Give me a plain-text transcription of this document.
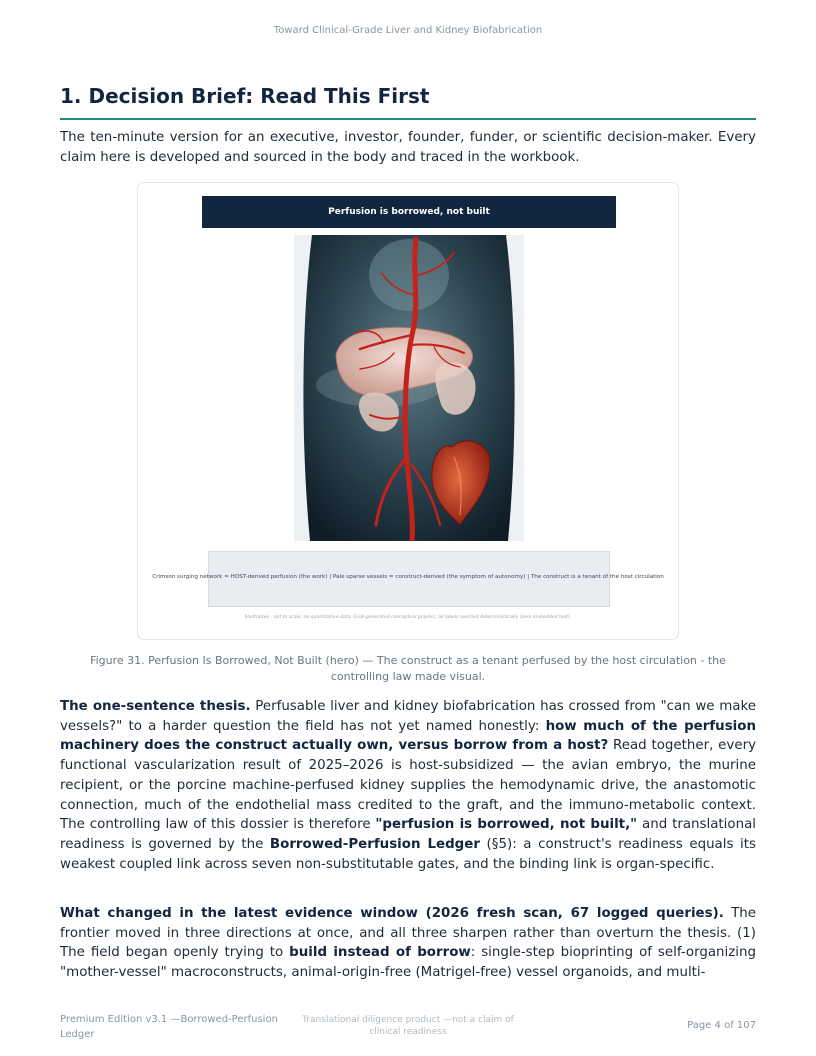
Toward Clinical-Grade Liver and Kidney Biofabrication
1. Decision Brief: Read This First

The ten-minute version for an executive, investor, founder, funder, or scientific decision-maker. Every claim here is developed and sourced in the body and traced in the workbook.

Perfusion is borrowed, not built
Crimson surging network = HOST-derived perfusion (the work) | Pale sparse vessels = construct-derived (the symptom of autonomy) | The construct is a tenant of the host circulation
Illustrative - not to scale; no quantitative data. Grok-generated conceptual graphic; all labels overlaid deterministically (zero embedded text).

Figure 31. Perfusion Is Borrowed, Not Built (hero) — The construct as a tenant perfused by the host circulation - the controlling law made visual.

The one-sentence thesis. Perfusable liver and kidney biofabrication has crossed from "can we make vessels?" to a harder question the field has not yet named honestly: how much of the perfusion machinery does the construct actually own, versus borrow from a host? Read together, every functional vascularization result of 2025–2026 is host-subsidized — the avian embryo, the murine recipient, or the porcine machine-perfused kidney supplies the hemodynamic drive, the anastomotic connection, much of the endothelial mass credited to the graft, and the immuno-metabolic context. The controlling law of this dossier is therefore "perfusion is borrowed, not built," and translational readiness is governed by the Borrowed-Perfusion Ledger (§5): a construct's readiness equals its weakest coupled link across seven non-substitutable gates, and the binding link is organ-specific.

What changed in the latest evidence window (2026 fresh scan, 67 logged queries). The frontier moved in three directions at once, and all three sharpen rather than overturn the thesis. (1) The field began openly trying to build instead of borrow: single-step bioprinting of self-organizing "mother-vessel" macroconstructs, animal-origin-free (Matrigel-free) vessel organoids, and multi-

Premium Edition v3.1 —Borrowed-Perfusion Ledger
Translational diligence product —not a claim of clinical readiness
Page 4 of 107
